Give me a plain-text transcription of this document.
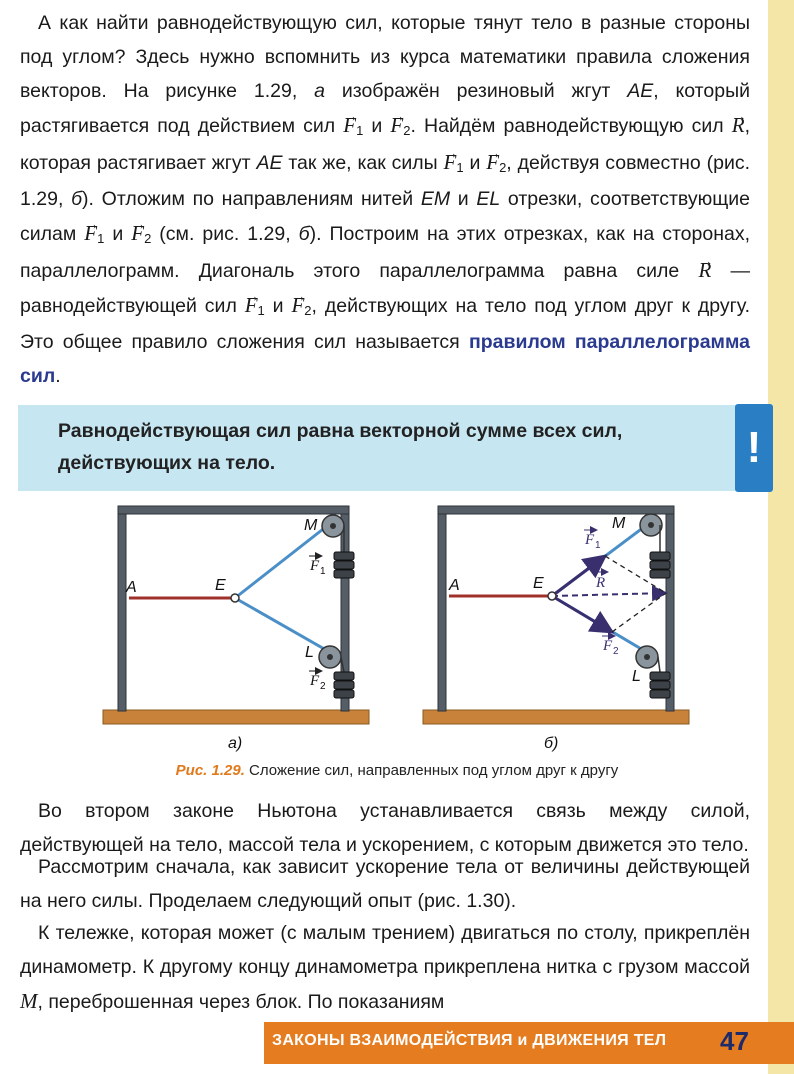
А как найти равнодействующую сил, которые тянут тело в разные стороны под углом? Здесь нужно вспомнить из курса математики правила сложения векторов. На рисунке 1.29, а изображён резиновый жгут AE, который растягивается под действием сил → F1 и → F2. Найдём равнодействующую сил → R, которая растягивает жгут AE так же, как силы → F1 и → F2, действуя совместно (рис. 1.29, б). Отложим по направлениям нитей EM и EL отрезки, соответствующие силам → F1 и → F2 (см. рис. 1.29, б). Построим на этих отрезках, как на сторонах, параллелограмм. Диагональ этого параллелограмма равна силе → R — равнодействующей сил → F1 и → F2, действующих на тело под углом друг к другу. Это общее правило сложения сил называется правилом параллелограмма сил.

Равнодействующая сил равна векторной сумме всех сил, действующих на тело.	!
A	E
M
L
F 1
F 2
A	E
M
L
F 1
R
F 2
а)	б)
Рис. 1.29. Сложение сил, направленных под углом друг к другу

Во втором законе Ньютона устанавливается связь между силой, действующей на тело, массой тела и ускорением, с которым движется это тело.

Рассмотрим сначала, как зависит ускорение тела от величины действующей на него силы. Проделаем следующий опыт (рис. 1.30).

К тележке, которая может (с малым трением) двигаться по столу, прикреплён динамометр. К другому концу динамометра прикреплена нитка с грузом массой M, переброшенная через блок. По показаниям

ЗАКОНЫ ВЗАИМОДЕЙСТВИЯ и ДВИЖЕНИЯ ТЕЛ 47
